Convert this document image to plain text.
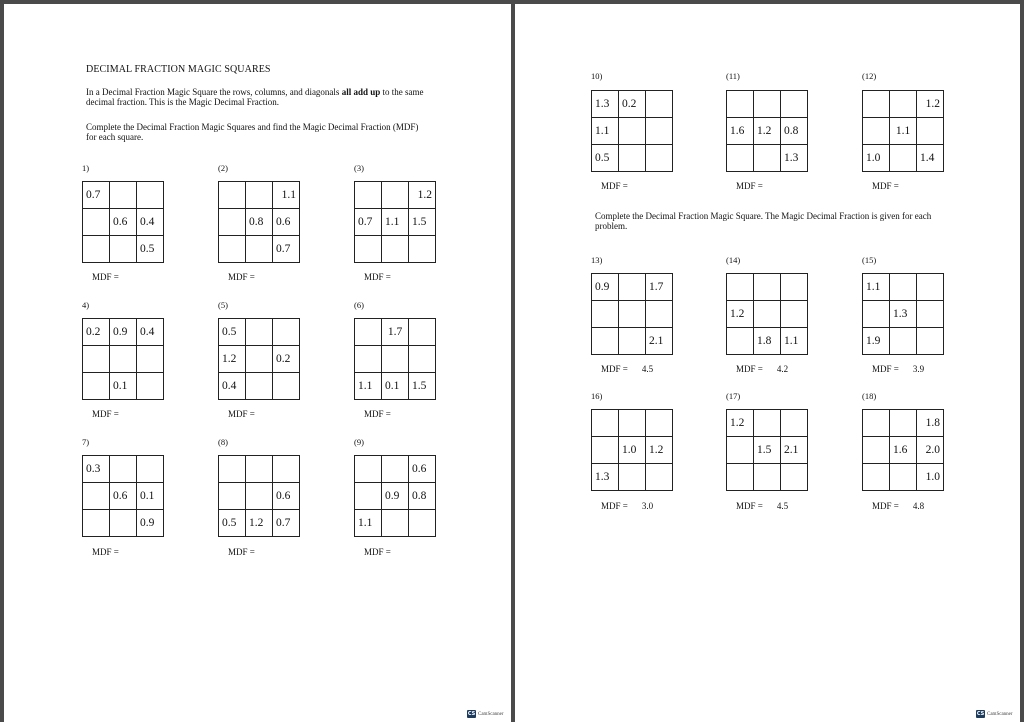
DECIMAL FRACTION MAGIC SQUARES
In a Decimal Fraction Magic Square the rows, columns, and diagonals all add up to the same decimal fraction. This is the Magic Decimal Fraction.
Complete the Decimal Fraction Magic Squares and find the Magic Decimal Fraction (MDF) for each square.
1)
0.7		
	0.6	0.4
		0.5
MDF =
(2)
		1.1
	0.8	0.6
		0.7
MDF =
(3)
		1.2
0.7	1.1	1.5

MDF =
4)
0.2	0.9	0.4

	0.1	
MDF =
(5)
0.5		
1.2		0.2
0.4		
MDF =
(6)
	1.7	

1.1	0.1	1.5
MDF =
7)
0.3		
	0.6	0.1
		0.9
MDF =
(8)

		0.6
0.5	1.2	0.7
MDF =
(9)
		0.6
	0.9	0.8
1.1		
MDF =
CS CamScanner
Complete the Decimal Fraction Magic Square. The Magic Decimal Fraction is given for each problem.
10)
1.3	0.2	
1.1		
0.5		
MDF =
(11)

1.6	1.2	0.8
		1.3
MDF =
(12)
		1.2
	1.1	
1.0		1.4
MDF =
13)
0.9		1.7

		2.1
MDF = 4.5
(14)

1.2		
	1.8	1.1
MDF = 4.2
(15)
1.1		
	1.3	
1.9		
MDF = 3.9
16)

	1.0	1.2
1.3		
MDF = 3.0
(17)
1.2		
	1.5	2.1

MDF = 4.5
(18)
		1.8
	1.6	2.0
		1.0
MDF = 4.8
CS CamScanner
